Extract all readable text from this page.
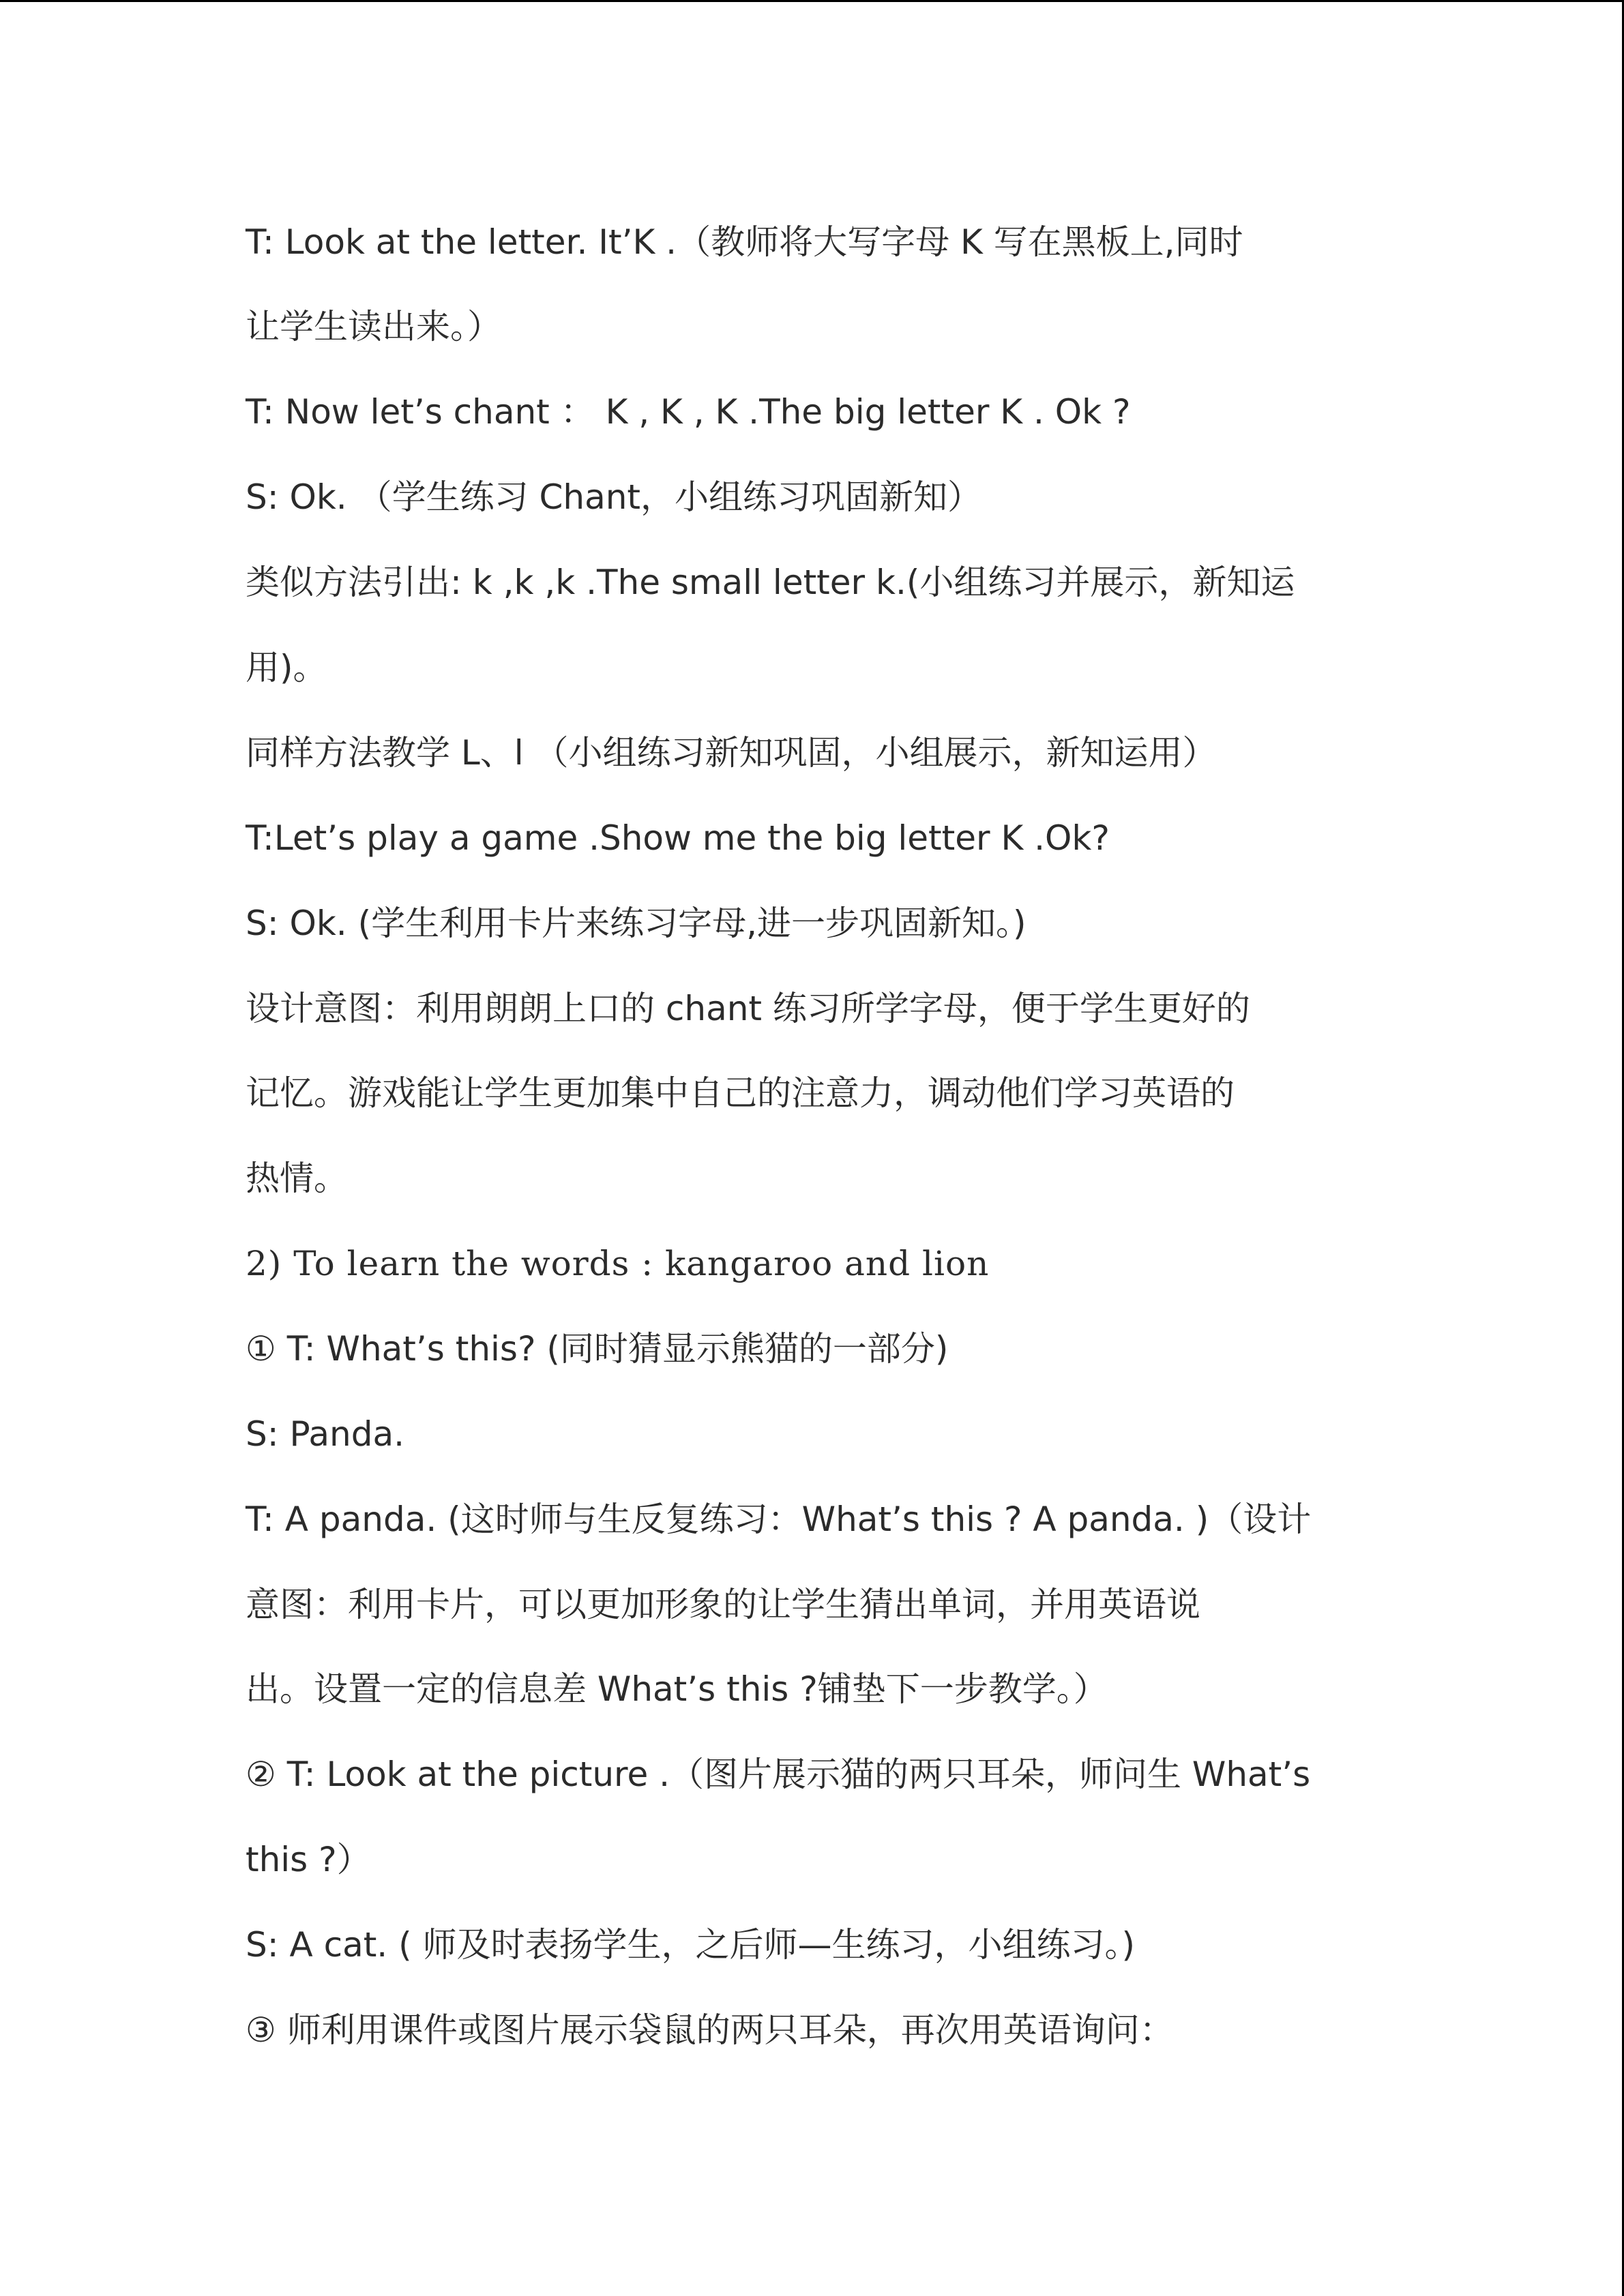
T: Look at the letter. It’K .（教师将大写字母 K 写在黑板上,同时
让学生读出来。）
T: Now let’s chant ： K , K , K .The big letter K . Ok ?
S: Ok. （学生练习 Chant，小组练习巩固新知）
类似方法引出: k ,k ,k .The small letter k.(小组练习并展示，新知运
用)。
同样方法教学 L、l （小组练习新知巩固，小组展示，新知运用）
T:Let’s play a game .Show me the big letter K .Ok?
S: Ok. (学生利用卡片来练习字母,进一步巩固新知。)
设计意图：利用朗朗上口的 chant 练习所学字母，便于学生更好的
记忆。游戏能让学生更加集中自己的注意力，调动他们学习英语的
热情。
2) To learn the words : kangaroo and lion
① T: What’s this? (同时猜显示熊猫的一部分)
S: Panda.
T: A panda. (这时师与生反复练习：What’s this ? A panda. )（设计
意图：利用卡片，可以更加形象的让学生猜出单词，并用英语说
出。设置一定的信息差 What’s this ?铺垫下一步教学。）
② T: Look at the picture .（图片展示猫的两只耳朵，师问生 What’s
this ?）
S: A cat. ( 师及时表扬学生，之后师—生练习，小组练习。)
③ 师利用课件或图片展示袋鼠的两只耳朵，再次用英语询问：
